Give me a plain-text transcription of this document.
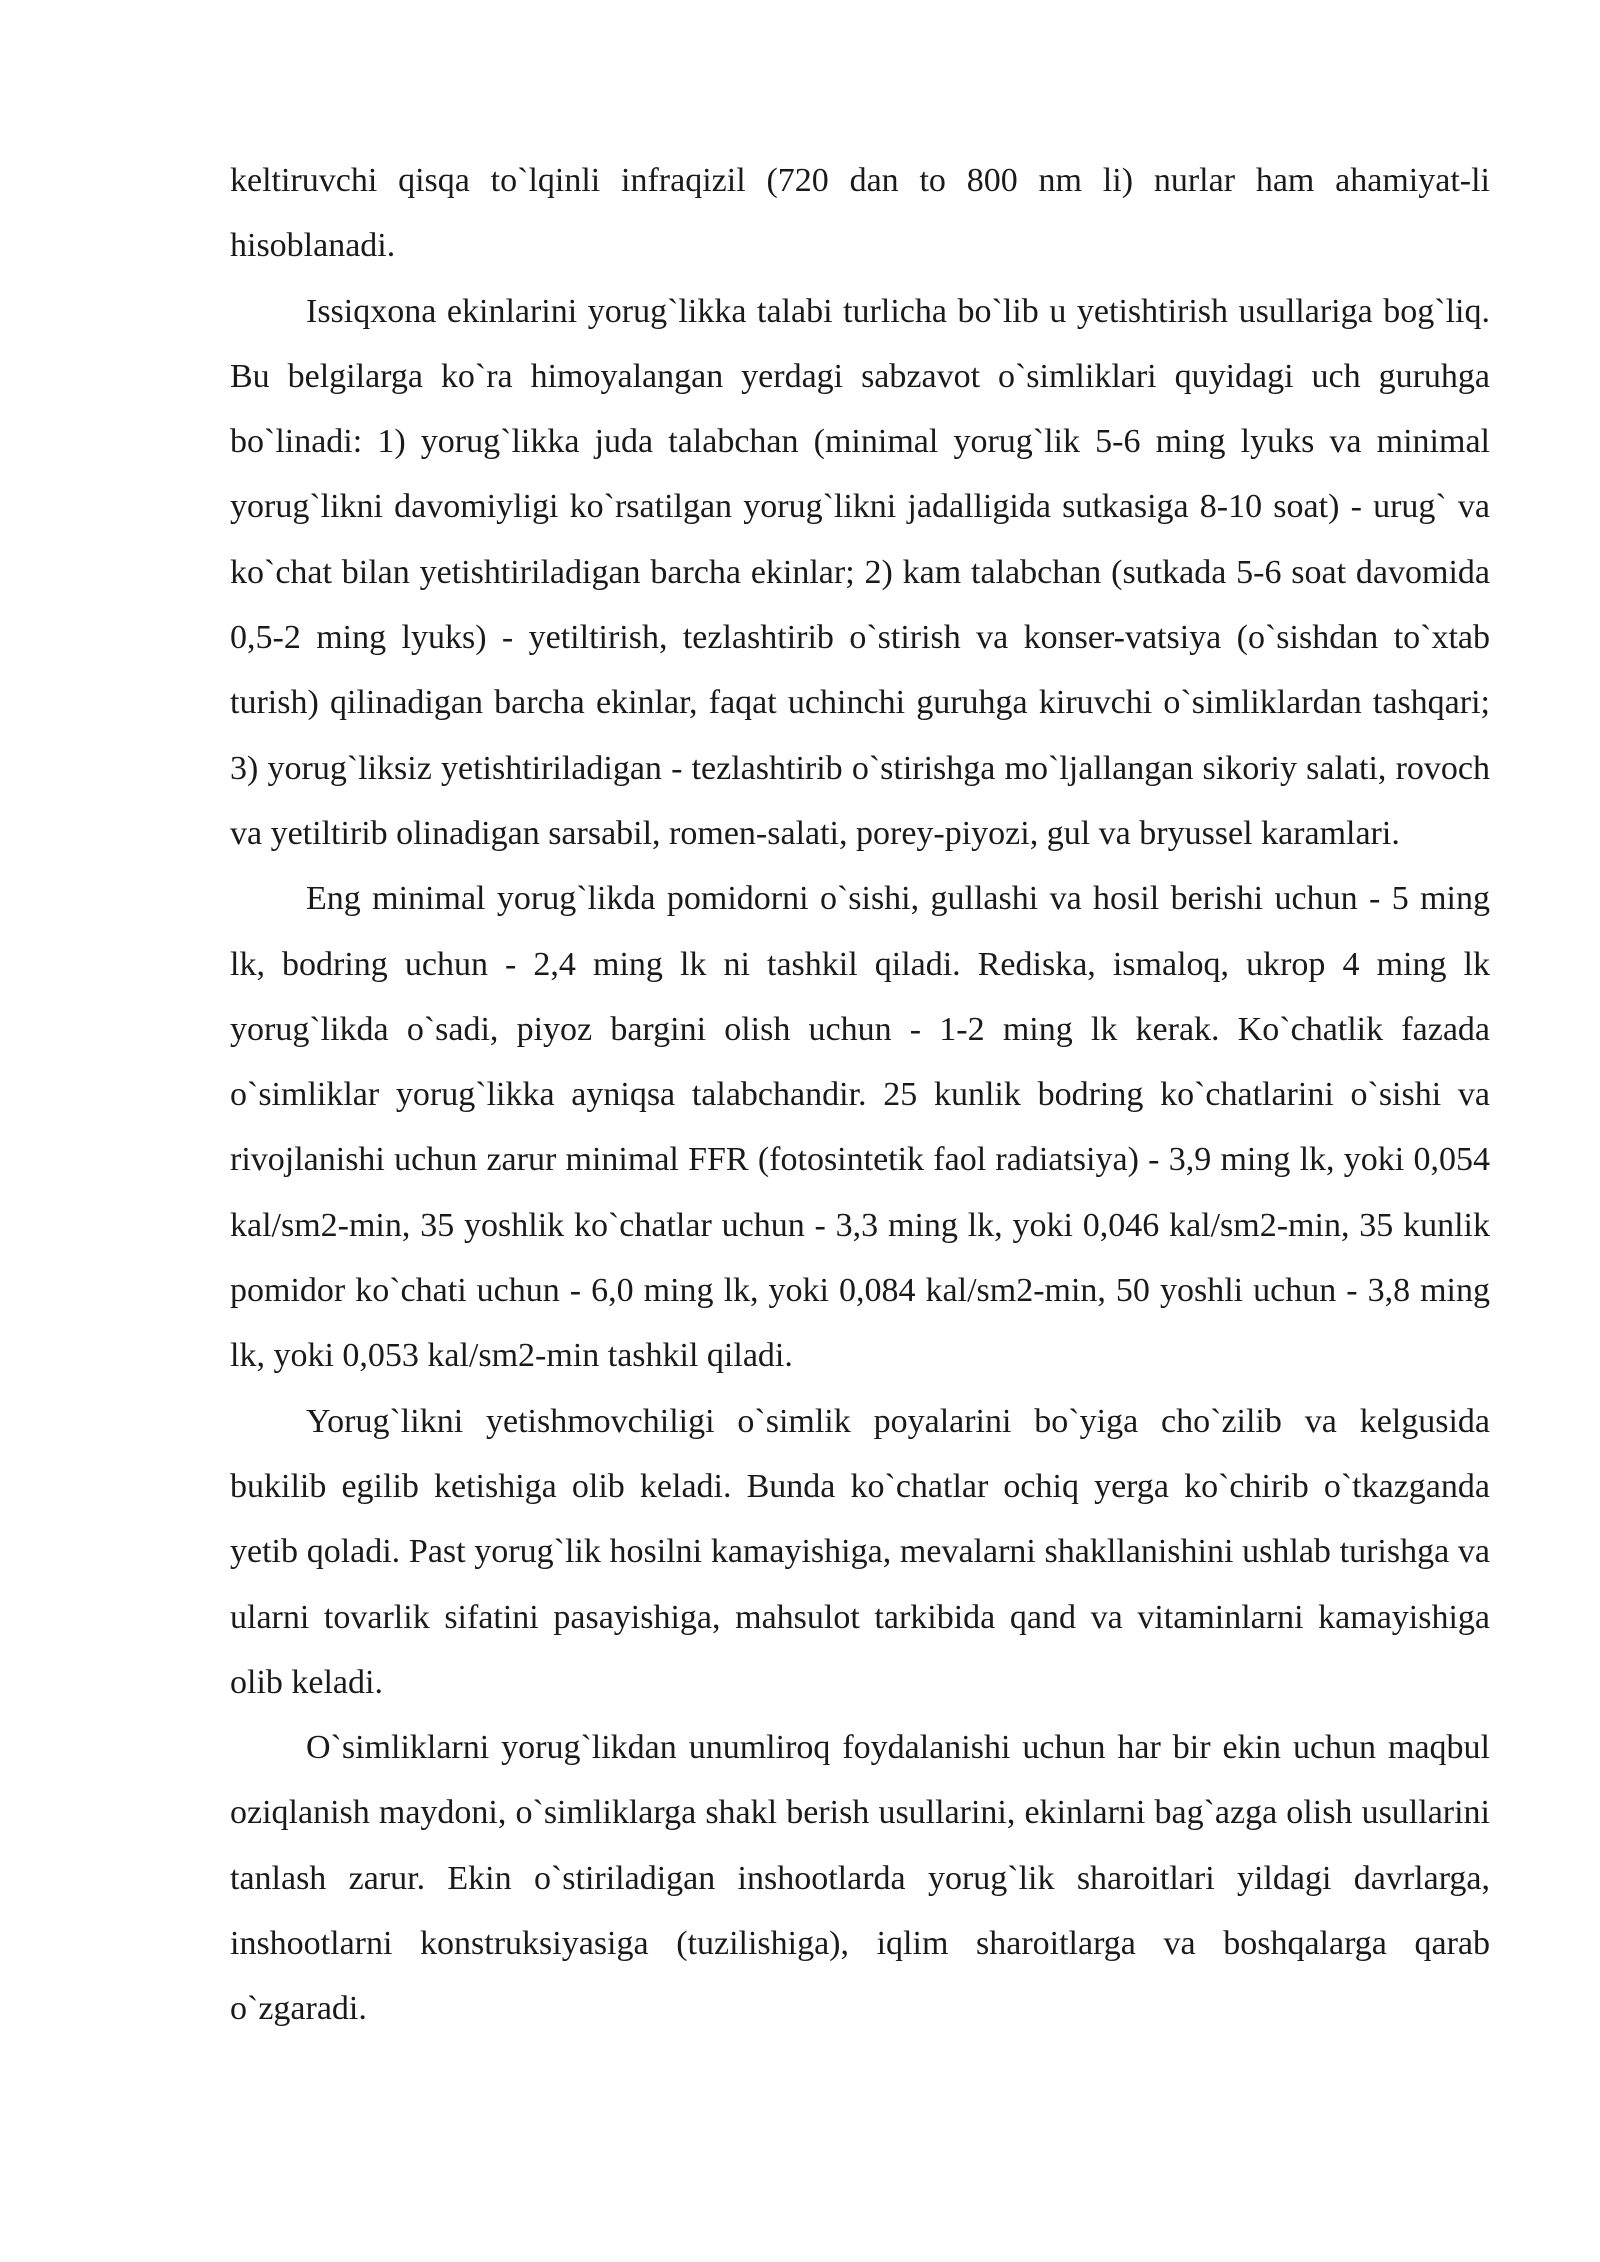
keltiruvchi qisqa to`lqinli infraqizil (720 dan to 800 nm li) nurlar ham ahamiyat-li hisoblanadi.

Issiqxona ekinlarini yorug`likka talabi turlicha bo`lib u yetishtirish usullariga bog`liq. Bu belgilarga ko`ra himoyalangan yerdagi sabzavot o`simliklari quyidagi uch guruhga bo`linadi: 1) yorug`likka juda talabchan (minimal yorug`lik 5-6 ming lyuks va minimal yorug`likni davomiyligi ko`rsatilgan yorug`likni jadalligida sutkasiga 8-10 soat) - urug` va ko`chat bilan yetishtiriladigan barcha ekinlar; 2) kam talabchan (sutkada 5-6 soat davomida 0,5-2 ming lyuks) - yetiltirish, tezlashtirib o`stirish va konser-vatsiya (o`sishdan to`xtab turish) qilinadigan barcha ekinlar, faqat uchinchi guruhga kiruvchi o`simliklardan tashqari; 3) yorug`liksiz yetishtiriladigan - tezlashtirib o`stirishga mo`ljallangan sikoriy salati, rovoch va yetiltirib olinadigan sarsabil, romen-salati, porey-piyozi, gul va bryussel karamlari.

Eng minimal yorug`likda pomidorni o`sishi, gullashi va hosil berishi uchun - 5 ming lk, bodring uchun - 2,4 ming lk ni tashkil qiladi. Rediska, ismaloq, ukrop 4 ming lk yorug`likda o`sadi, piyoz bargini olish uchun - 1-2 ming lk kerak. Ko`chatlik fazada o`simliklar yorug`likka ayniqsa talabchandir. 25 kunlik bodring ko`chatlarini o`sishi va rivojlanishi uchun zarur minimal FFR (fotosintetik faol radiatsiya) - 3,9 ming lk, yoki 0,054 kal/sm2-min, 35 yoshlik ko`chatlar uchun - 3,3 ming lk, yoki 0,046 kal/sm2-min, 35 kunlik pomidor ko`chati uchun - 6,0 ming lk, yoki 0,084 kal/sm2-min, 50 yoshli uchun - 3,8 ming lk, yoki 0,053 kal/sm2-min tashkil qiladi.

Yorug`likni yetishmovchiligi o`simlik poyalarini bo`yiga cho`zilib va kelgusida bukilib egilib ketishiga olib keladi. Bunda ko`chatlar ochiq yerga ko`chirib o`tkazganda yetib qoladi. Past yorug`lik hosilni kamayishiga, mevalarni shakllanishini ushlab turishga va ularni tovarlik sifatini pasayishiga, mahsulot tarkibida qand va vitaminlarni kamayishiga olib keladi.

O`simliklarni yorug`likdan unumliroq foydalanishi uchun har bir ekin uchun maqbul oziqlanish maydoni, o`simliklarga shakl berish usullarini, ekinlarni bag`azga olish usullarini tanlash zarur. Ekin o`stiriladigan inshootlarda yorug`lik sharoitlari yildagi davrlarga, inshootlarni konstruksiyasiga (tuzilishiga), iqlim sharoitlarga va boshqalarga qarab o`zgaradi.
